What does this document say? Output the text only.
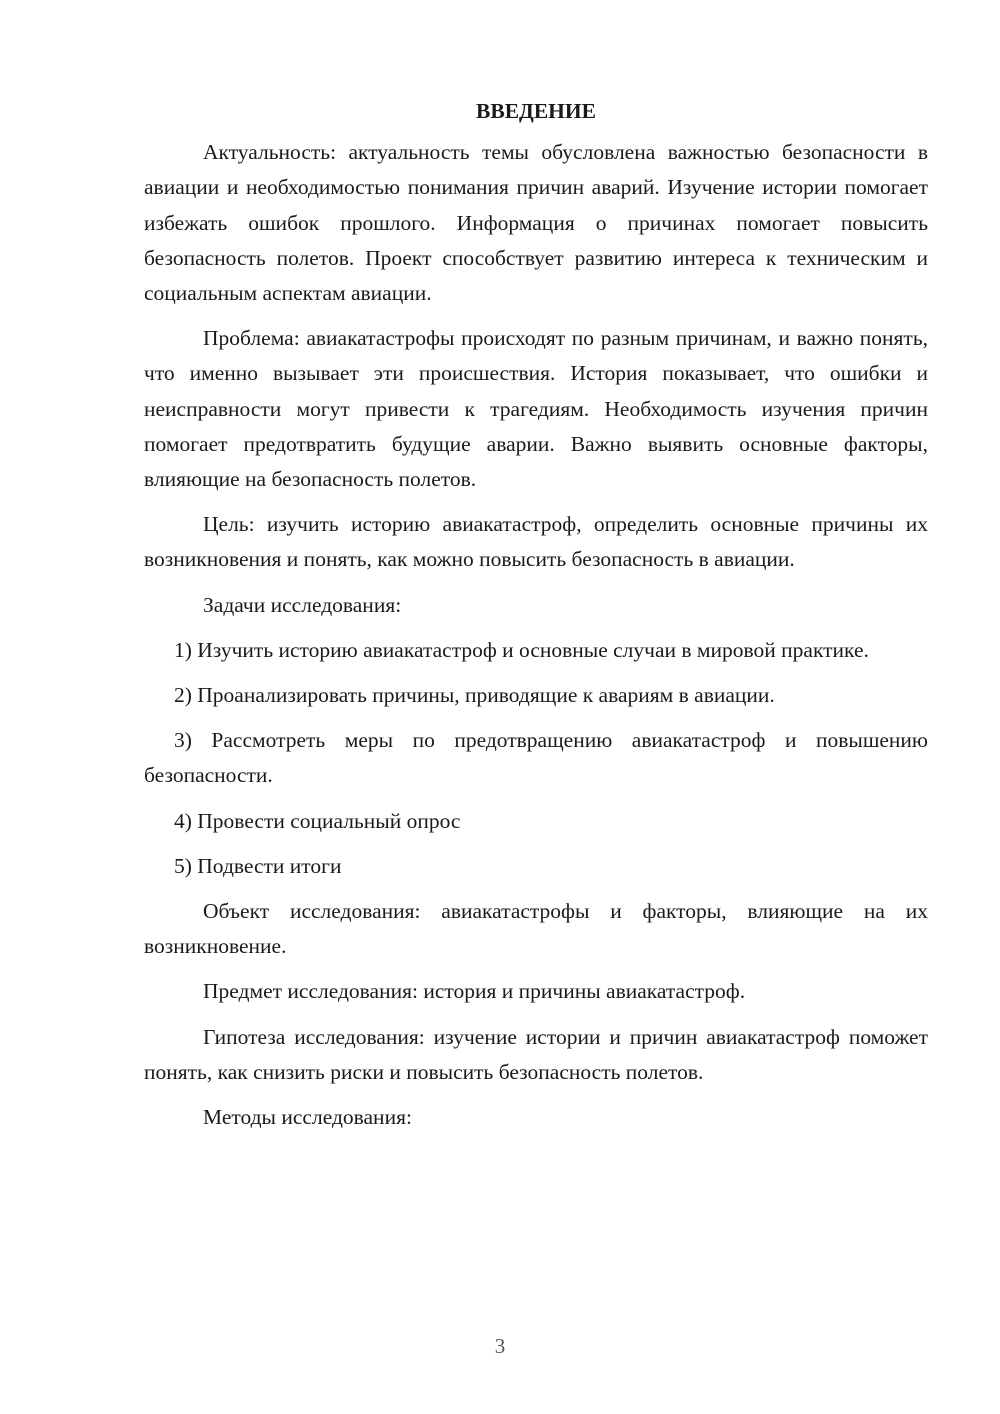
ВВЕДЕНИЕ

Актуальность: актуальность темы обусловлена важностью безопасности в авиации и необходимостью понимания причин аварий. Изучение истории помогает избежать ошибок прошлого. Информация о причинах помогает повысить безопасность полетов. Проект способствует развитию интереса к техническим и социальным аспектам авиации.

Проблема: авиакатастрофы происходят по разным причинам, и важно понять, что именно вызывает эти происшествия. История показывает, что ошибки и неисправности могут привести к трагедиям. Необходимость изучения причин помогает предотвратить будущие аварии. Важно выявить основные факторы, влияющие на безопасность полетов.

Цель: изучить историю авиакатастроф, определить основные причины их возникновения и понять, как можно повысить безопасность в авиации.

Задачи исследования:

1) Изучить историю авиакатастроф и основные случаи в мировой практике.

2) Проанализировать причины, приводящие к авариям в авиации.

3) Рассмотреть меры по предотвращению авиакатастроф и повышению безопасности.

4) Провести социальный опрос

5) Подвести итоги

Объект исследования: авиакатастрофы и факторы, влияющие на их возникновение.

Предмет исследования: история и причины авиакатастроф.

Гипотеза исследования: изучение истории и причин авиакатастроф поможет понять, как снизить риски и повысить безопасность полетов.

Методы исследования:

3
